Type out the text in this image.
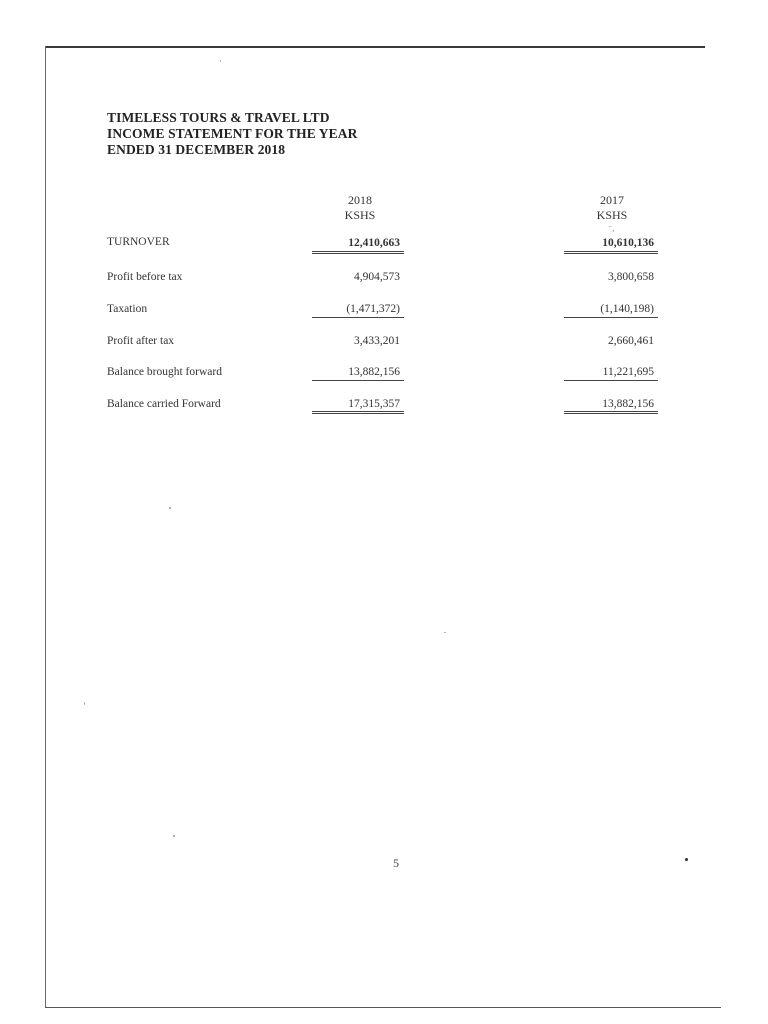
TIMELESS TOURS & TRAVEL LTD
INCOME STATEMENT FOR THE YEAR
ENDED 31 DECEMBER 2018
2018
KSHS
2017
KSHS
⁻,
TURNOVER	12,410,663	10,610,136
Profit before tax	4,904,573	3,800,658
Taxation	(1,471,372)	(1,140,198)
Profit after tax	3,433,201	2,660,461
Balance brought forward	13,882,156	11,221,695
Balance carried Forward	17,315,357	13,882,156
5
